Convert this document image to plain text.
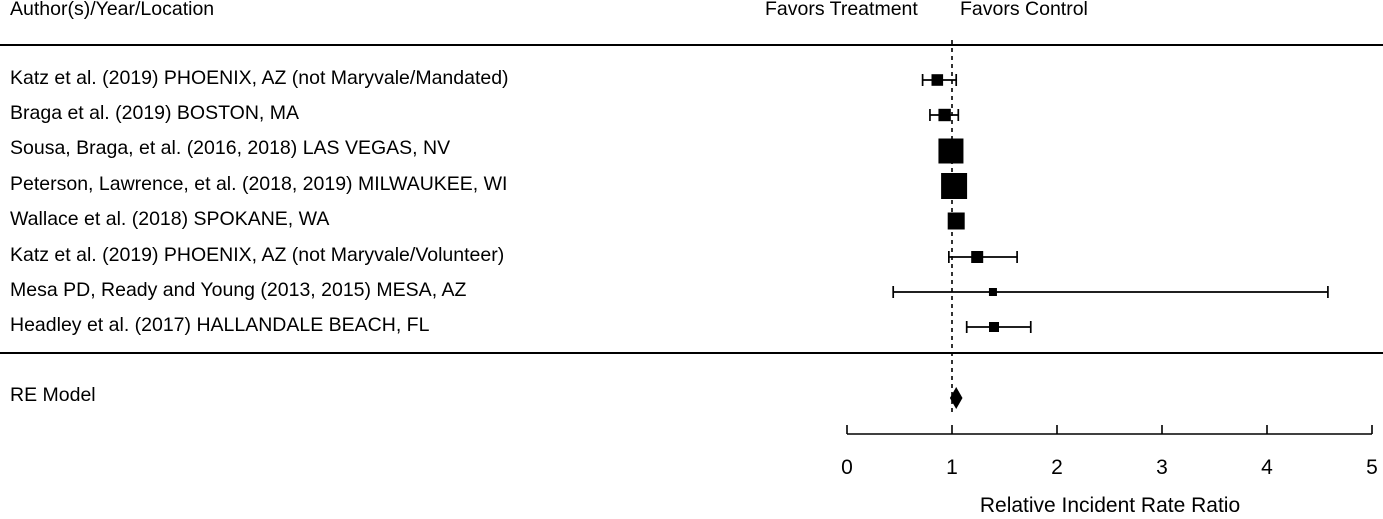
Author(s)/Year/Location	Favors Treatment Favors Control
Katz et al. (2019) PHOENIX, AZ (not Maryvale/Mandated)
Braga et al. (2019) BOSTON, MA
Sousa, Braga, et al. (2016, 2018) LAS VEGAS, NV
Peterson, Lawrence, et al. (2018, 2019) MILWAUKEE, WI
Wallace et al. (2018) SPOKANE, WA
Katz et al. (2019) PHOENIX, AZ (not Maryvale/Volunteer)
Mesa PD, Ready and Young (2013, 2015) MESA, AZ
Headley et al. (2017) HALLANDALE BEACH, FL
RE Model
0	1	2	3	4	5
Relative Incident Rate Ratio
